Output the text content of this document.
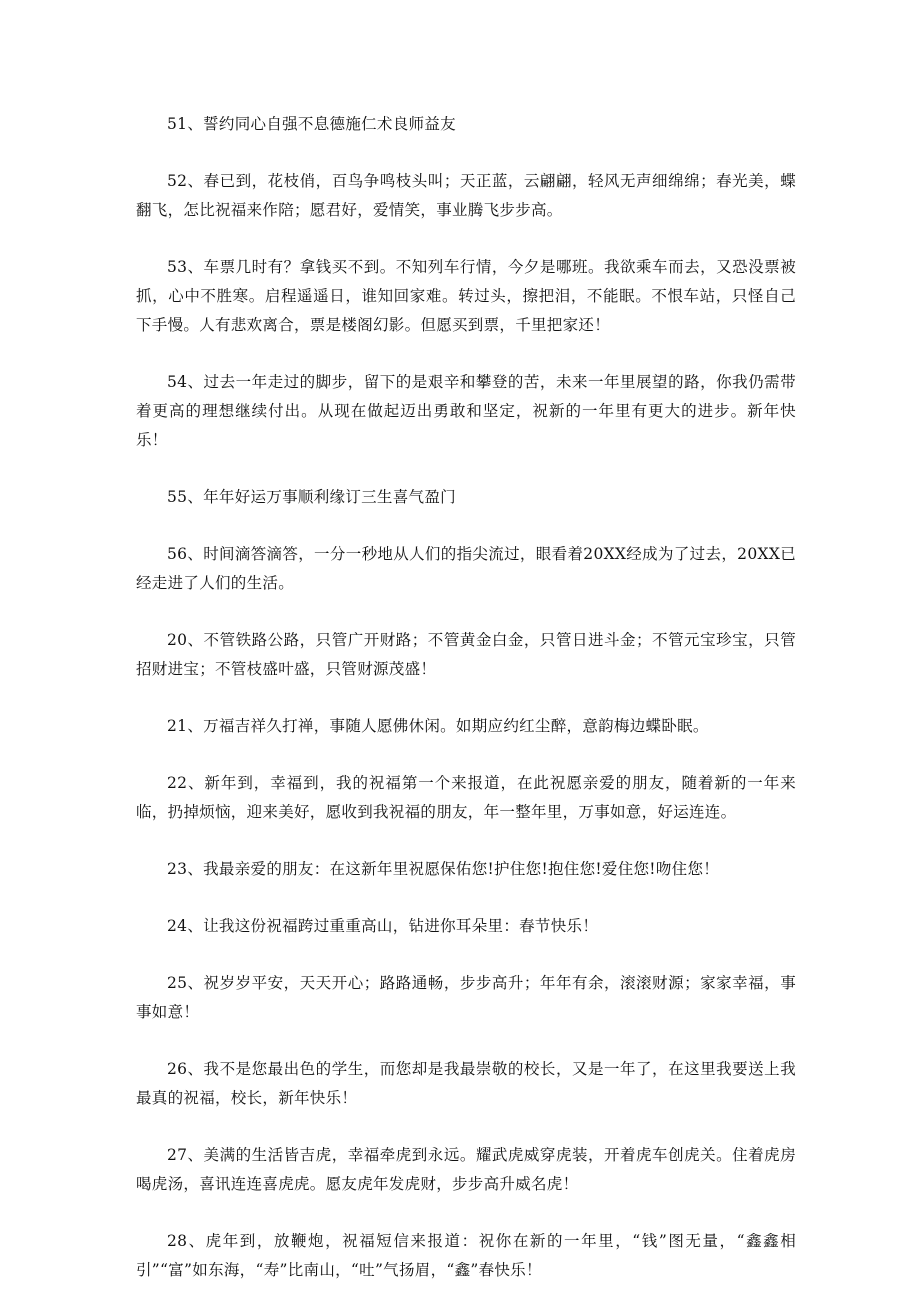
51、誓约同心自强不息德施仁术良师益友

52、春已到，花枝俏，百鸟争鸣枝头叫；天正蓝，云翩翩，轻风无声细绵绵；春光美，蝶翻飞，怎比祝福来作陪；愿君好，爱情笑，事业腾飞步步高。

53、车票几时有？拿钱买不到。不知列车行情，今夕是哪班。我欲乘车而去，又恐没票被抓，心中不胜寒。启程遥遥日，谁知回家难。转过头，擦把泪，不能眠。不恨车站，只怪自己下手慢。人有悲欢离合，票是楼阁幻影。但愿买到票，千里把家还！

54、过去一年走过的脚步，留下的是艰辛和攀登的苦，未来一年里展望的路，你我仍需带着更高的理想继续付出。从现在做起迈出勇敢和坚定，祝新的一年里有更大的进步。新年快乐！

55、年年好运万事顺利缘订三生喜气盈门

56、时间滴答滴答，一分一秒地从人们的指尖流过，眼看着20XX经成为了过去，20XX已经走进了人们的生活。

20、不管铁路公路，只管广开财路；不管黄金白金，只管日进斗金；不管元宝珍宝，只管招财进宝；不管枝盛叶盛，只管财源茂盛！

21、万福吉祥久打禅，事随人愿佛休闲。如期应约红尘醉，意韵梅边蝶卧眠。

22、新年到，幸福到，我的祝福第一个来报道，在此祝愿亲爱的朋友，随着新的一年来临，扔掉烦恼，迎来美好，愿收到我祝福的朋友，年一整年里，万事如意，好运连连。

23、我最亲爱的朋友：在这新年里祝愿保佑您!护住您!抱住您!爱住您!吻住您！

24、让我这份祝福跨过重重高山，钻进你耳朵里：春节快乐！

25、祝岁岁平安，天天开心；路路通畅，步步高升；年年有余，滚滚财源；家家幸福，事事如意！

26、我不是您最出色的学生，而您却是我最崇敬的校长，又是一年了，在这里我要送上我最真的祝福，校长，新年快乐！

27、美满的生活皆吉虎，幸福牵虎到永远。耀武虎威穿虎装，开着虎车创虎关。住着虎房喝虎汤，喜讯连连喜虎虎。愿友虎年发虎财，步步高升威名虎！

28、虎年到，放鞭炮，祝福短信来报道：祝你在新的一年里，“钱”图无量，“鑫鑫相引”“富”如东海，“寿”比南山，“吐”气扬眉，“鑫”春快乐！
